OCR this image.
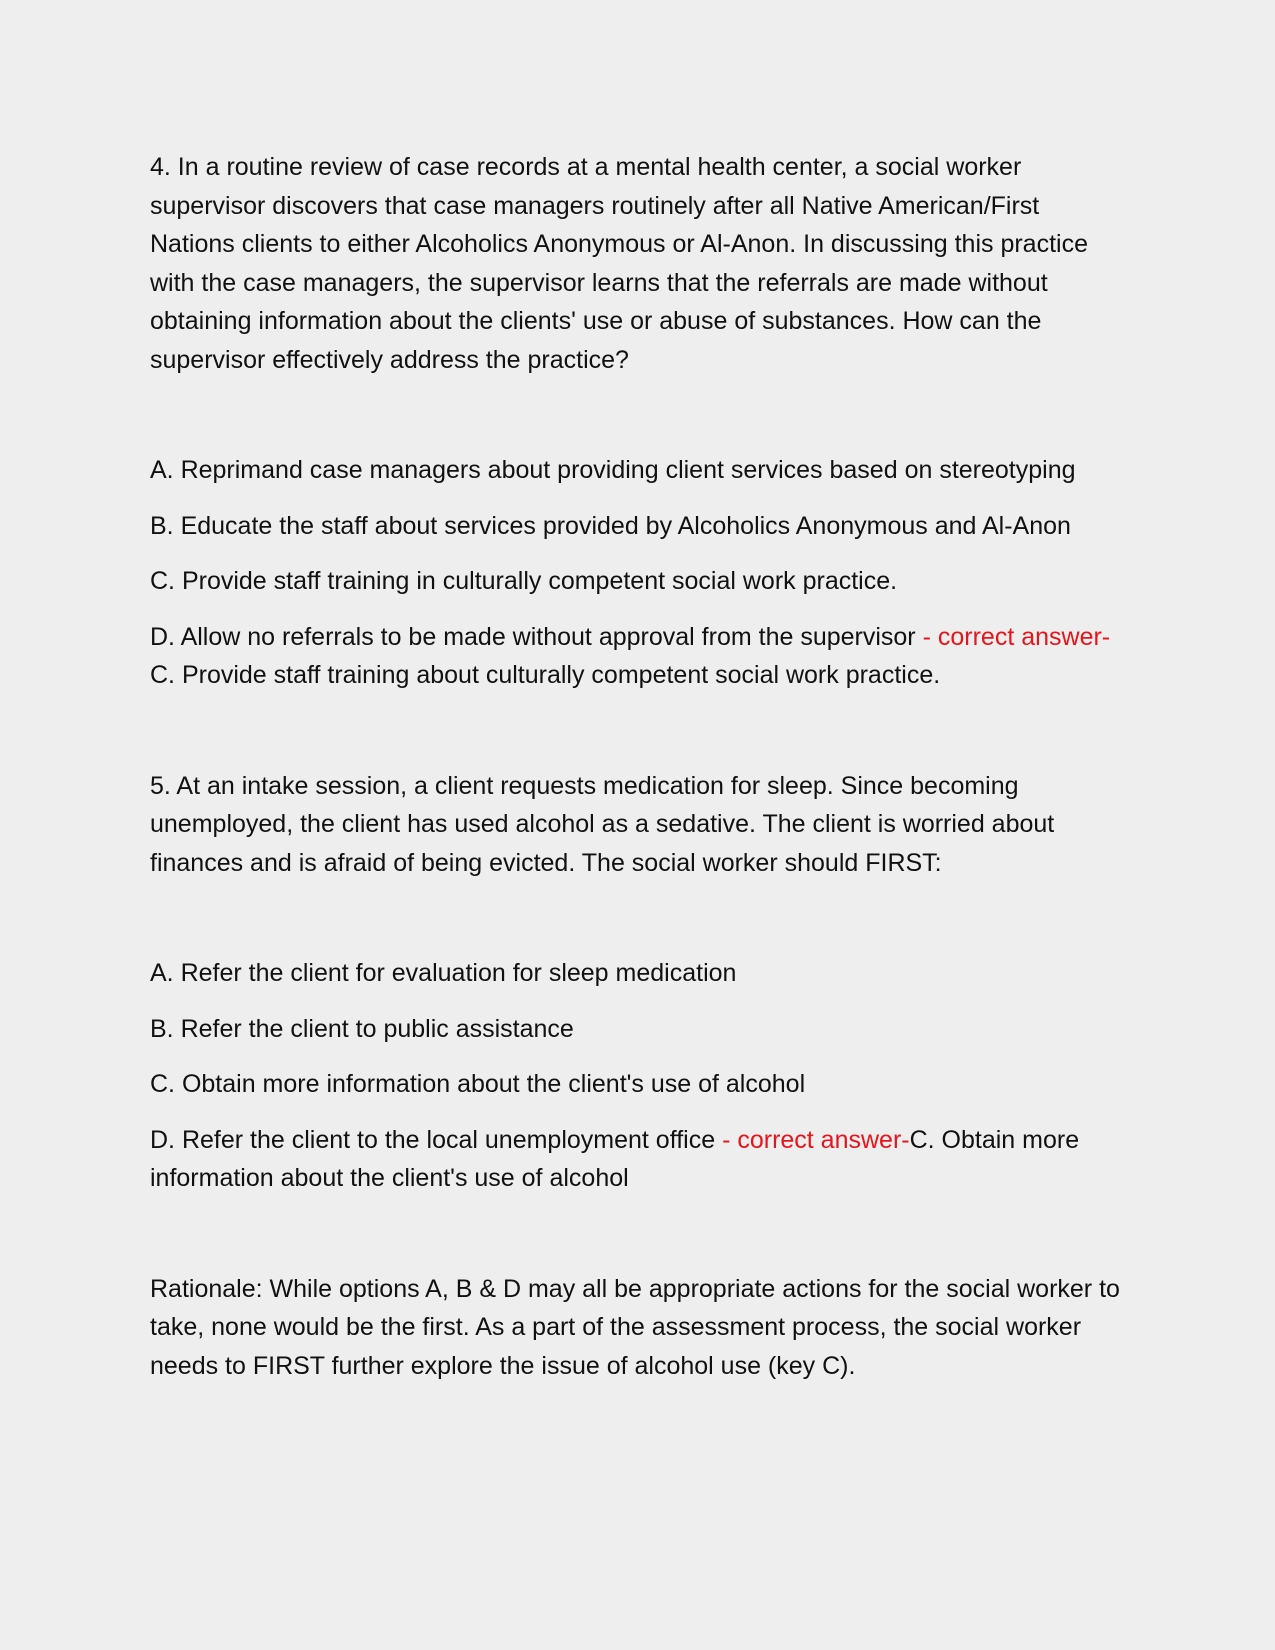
4. In a routine review of case records at a mental health center, a social worker supervisor discovers that case managers routinely after all Native American/First Nations clients to either Alcoholics Anonymous or Al-Anon. In discussing this practice with the case managers, the supervisor learns that the referrals are made without obtaining information about the clients' use or abuse of substances. How can the supervisor effectively address the practice?

A. Reprimand case managers about providing client services based on stereotyping

B. Educate the staff about services provided by Alcoholics Anonymous and Al-Anon

C. Provide staff training in culturally competent social work practice.

D. Allow no referrals to be made without approval from the supervisor - correct answer-C. Provide staff training about culturally competent social work practice.

5. At an intake session, a client requests medication for sleep. Since becoming unemployed, the client has used alcohol as a sedative. The client is worried about finances and is afraid of being evicted. The social worker should FIRST:

A. Refer the client for evaluation for sleep medication

B. Refer the client to public assistance

C. Obtain more information about the client's use of alcohol

D. Refer the client to the local unemployment office - correct answer-C. Obtain more information about the client's use of alcohol

Rationale: While options A, B & D may all be appropriate actions for the social worker to take, none would be the first. As a part of the assessment process, the social worker needs to FIRST further explore the issue of alcohol use (key C).
